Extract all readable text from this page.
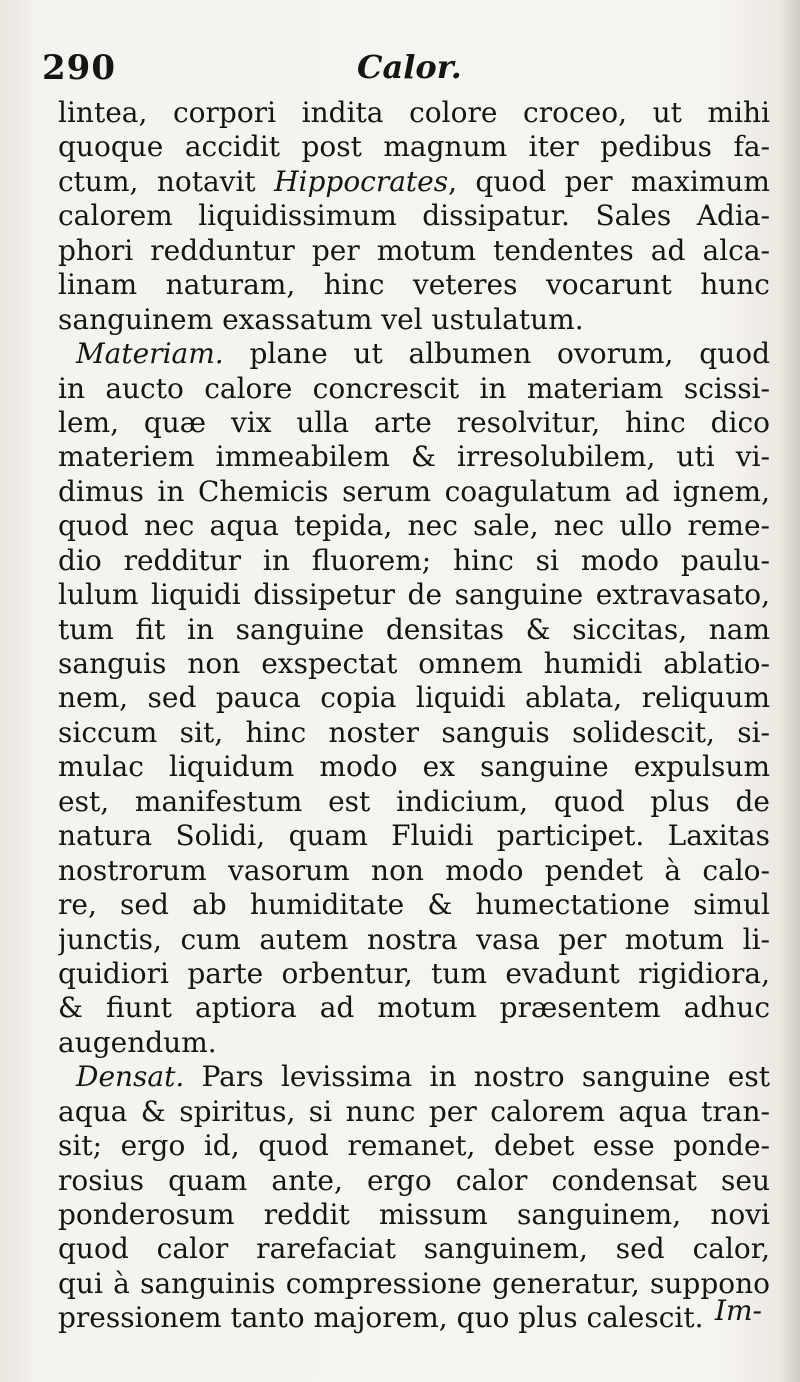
290	Calor.
lintea, corpori indita colore croceo, ut mihi
quoque accidit post magnum iter pedibus fa-
ctum, notavit Hippocrates, quod per maximum
calorem liquidissimum dissipatur. Sales Adia-
phori redduntur per motum tendentes ad alca-
linam naturam, hinc veteres vocarunt hunc
sanguinem exassatum vel ustulatum.
Materiam. plane ut albumen ovorum, quod
in aucto calore concrescit in materiam scissi-
lem, quæ vix ulla arte resolvitur, hinc dico
materiem immeabilem & irresolubilem, uti vi-
dimus in Chemicis serum coagulatum ad ignem,
quod nec aqua tepida, nec sale, nec ullo reme-
dio redditur in fluorem; hinc si modo paulu-
lulum liquidi dissipetur de sanguine extravasato,
tum fit in sanguine densitas & siccitas, nam
sanguis non exspectat omnem humidi ablatio-
nem, sed pauca copia liquidi ablata, reliquum
siccum sit, hinc noster sanguis solidescit, si-
mulac liquidum modo ex sanguine expulsum
est, manifestum est indicium, quod plus de
natura Solidi, quam Fluidi participet. Laxitas
nostrorum vasorum non modo pendet à calo-
re, sed ab humiditate & humectatione simul
junctis, cum autem nostra vasa per motum li-
quidiori parte orbentur, tum evadunt rigidiora,
& fiunt aptiora ad motum præsentem adhuc
augendum.
Densat. Pars levissima in nostro sanguine est
aqua & spiritus, si nunc per calorem aqua tran-
sit; ergo id, quod remanet, debet esse ponde-
rosius quam ante, ergo calor condensat seu
ponderosum reddit missum sanguinem, novi
quod calor rarefaciat sanguinem, sed calor,
qui à sanguinis compressione generatur, suppono
pressionem tanto majorem, quo plus calescit. Im-
